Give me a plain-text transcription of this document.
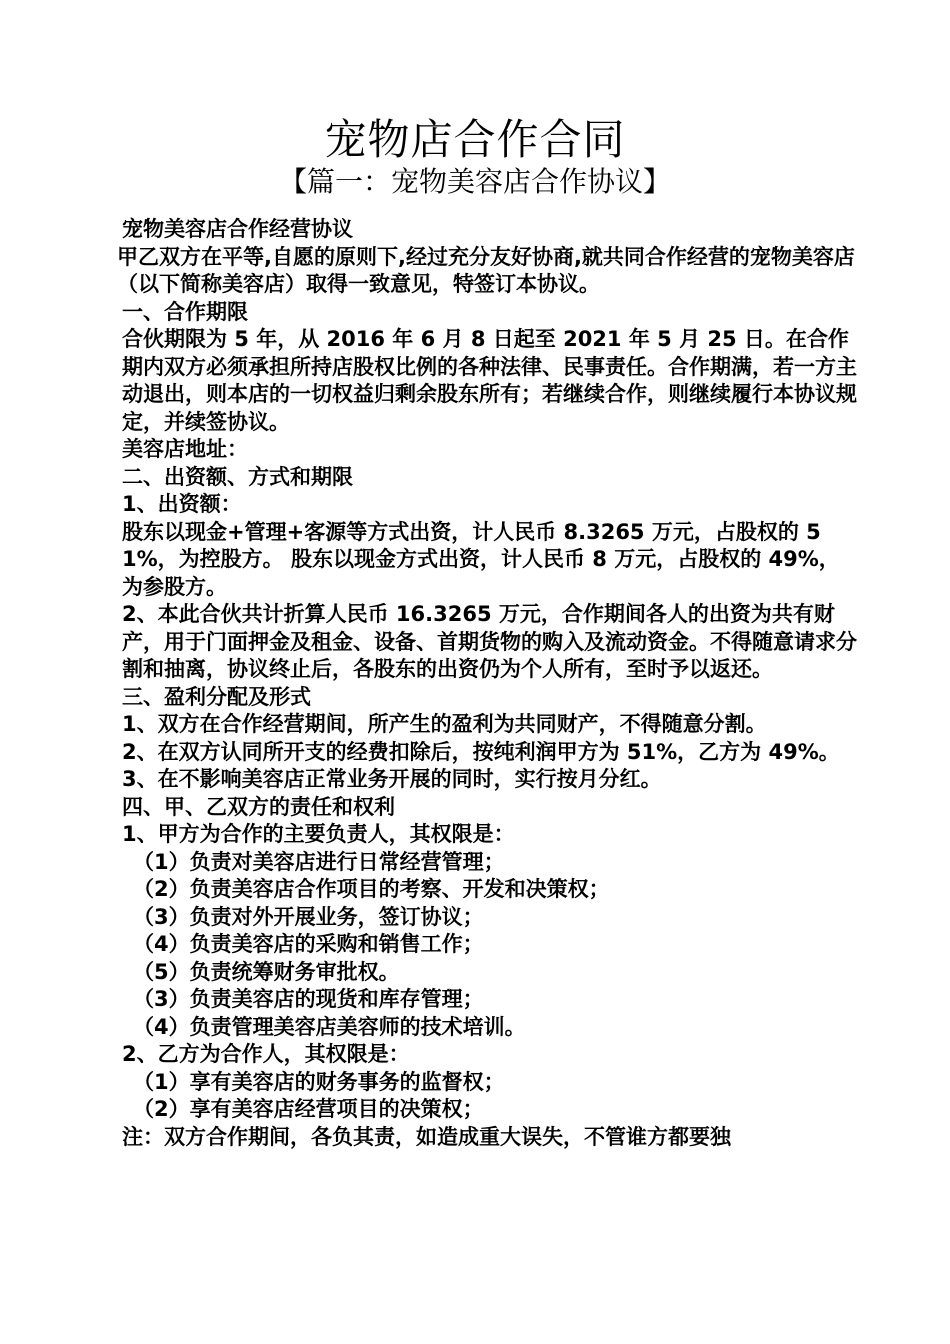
宠物店合作合同
【篇一：宠物美容店合作协议】

宠物美容店合作经营协议

甲乙双方在平等,自愿的原则下,经过充分友好协商,就共同合作经营的宠物美容店（以下简称美容店）取得一致意见，特签订本协议。

一、合作期限

合伙期限为 5 年，从 2016 年 6 月 8 日起至 2021 年 5 月 25 日。在合作期内双方必须承担所持店股权比例的各种法律、民事责任。合作期满，若一方主动退出，则本店的一切权益归剩余股东所有；若继续合作，则继续履行本协议规定，并续签协议。

美容店地址：

二、出资额、方式和期限

1、出资额：

股东以现金+管理+客源等方式出资，计人民币 8.3265 万元，占股权的 51%，为控股方。 股东以现金方式出资，计人民币 8 万元，占股权的 49%，为参股方。

2、本此合伙共计折算人民币 16.3265 万元，合作期间各人的出资为共有财产，用于门面押金及租金、设备、首期货物的购入及流动资金。不得随意请求分割和抽离，协议终止后，各股东的出资仍为个人所有，至时予以返还。

三、盈利分配及形式

1、双方在合作经营期间，所产生的盈利为共同财产，不得随意分割。

2、在双方认同所开支的经费扣除后，按纯利润甲方为 51%，乙方为 49%。

3、在不影响美容店正常业务开展的同时，实行按月分红。

四、甲、乙双方的责任和权利

1、甲方为合作的主要负责人，其权限是：

（1）负责对美容店进行日常经营管理；

（2）负责美容店合作项目的考察、开发和决策权；

（3）负责对外开展业务，签订协议；

（4）负责美容店的采购和销售工作；

（5）负责统筹财务审批权。

（3）负责美容店的现货和库存管理；

（4）负责管理美容店美容师的技术培训。

2、乙方为合作人，其权限是：

（1）享有美容店的财务事务的监督权；

（2）享有美容店经营项目的决策权；

注：双方合作期间，各负其责，如造成重大误失，不管谁方都要独
